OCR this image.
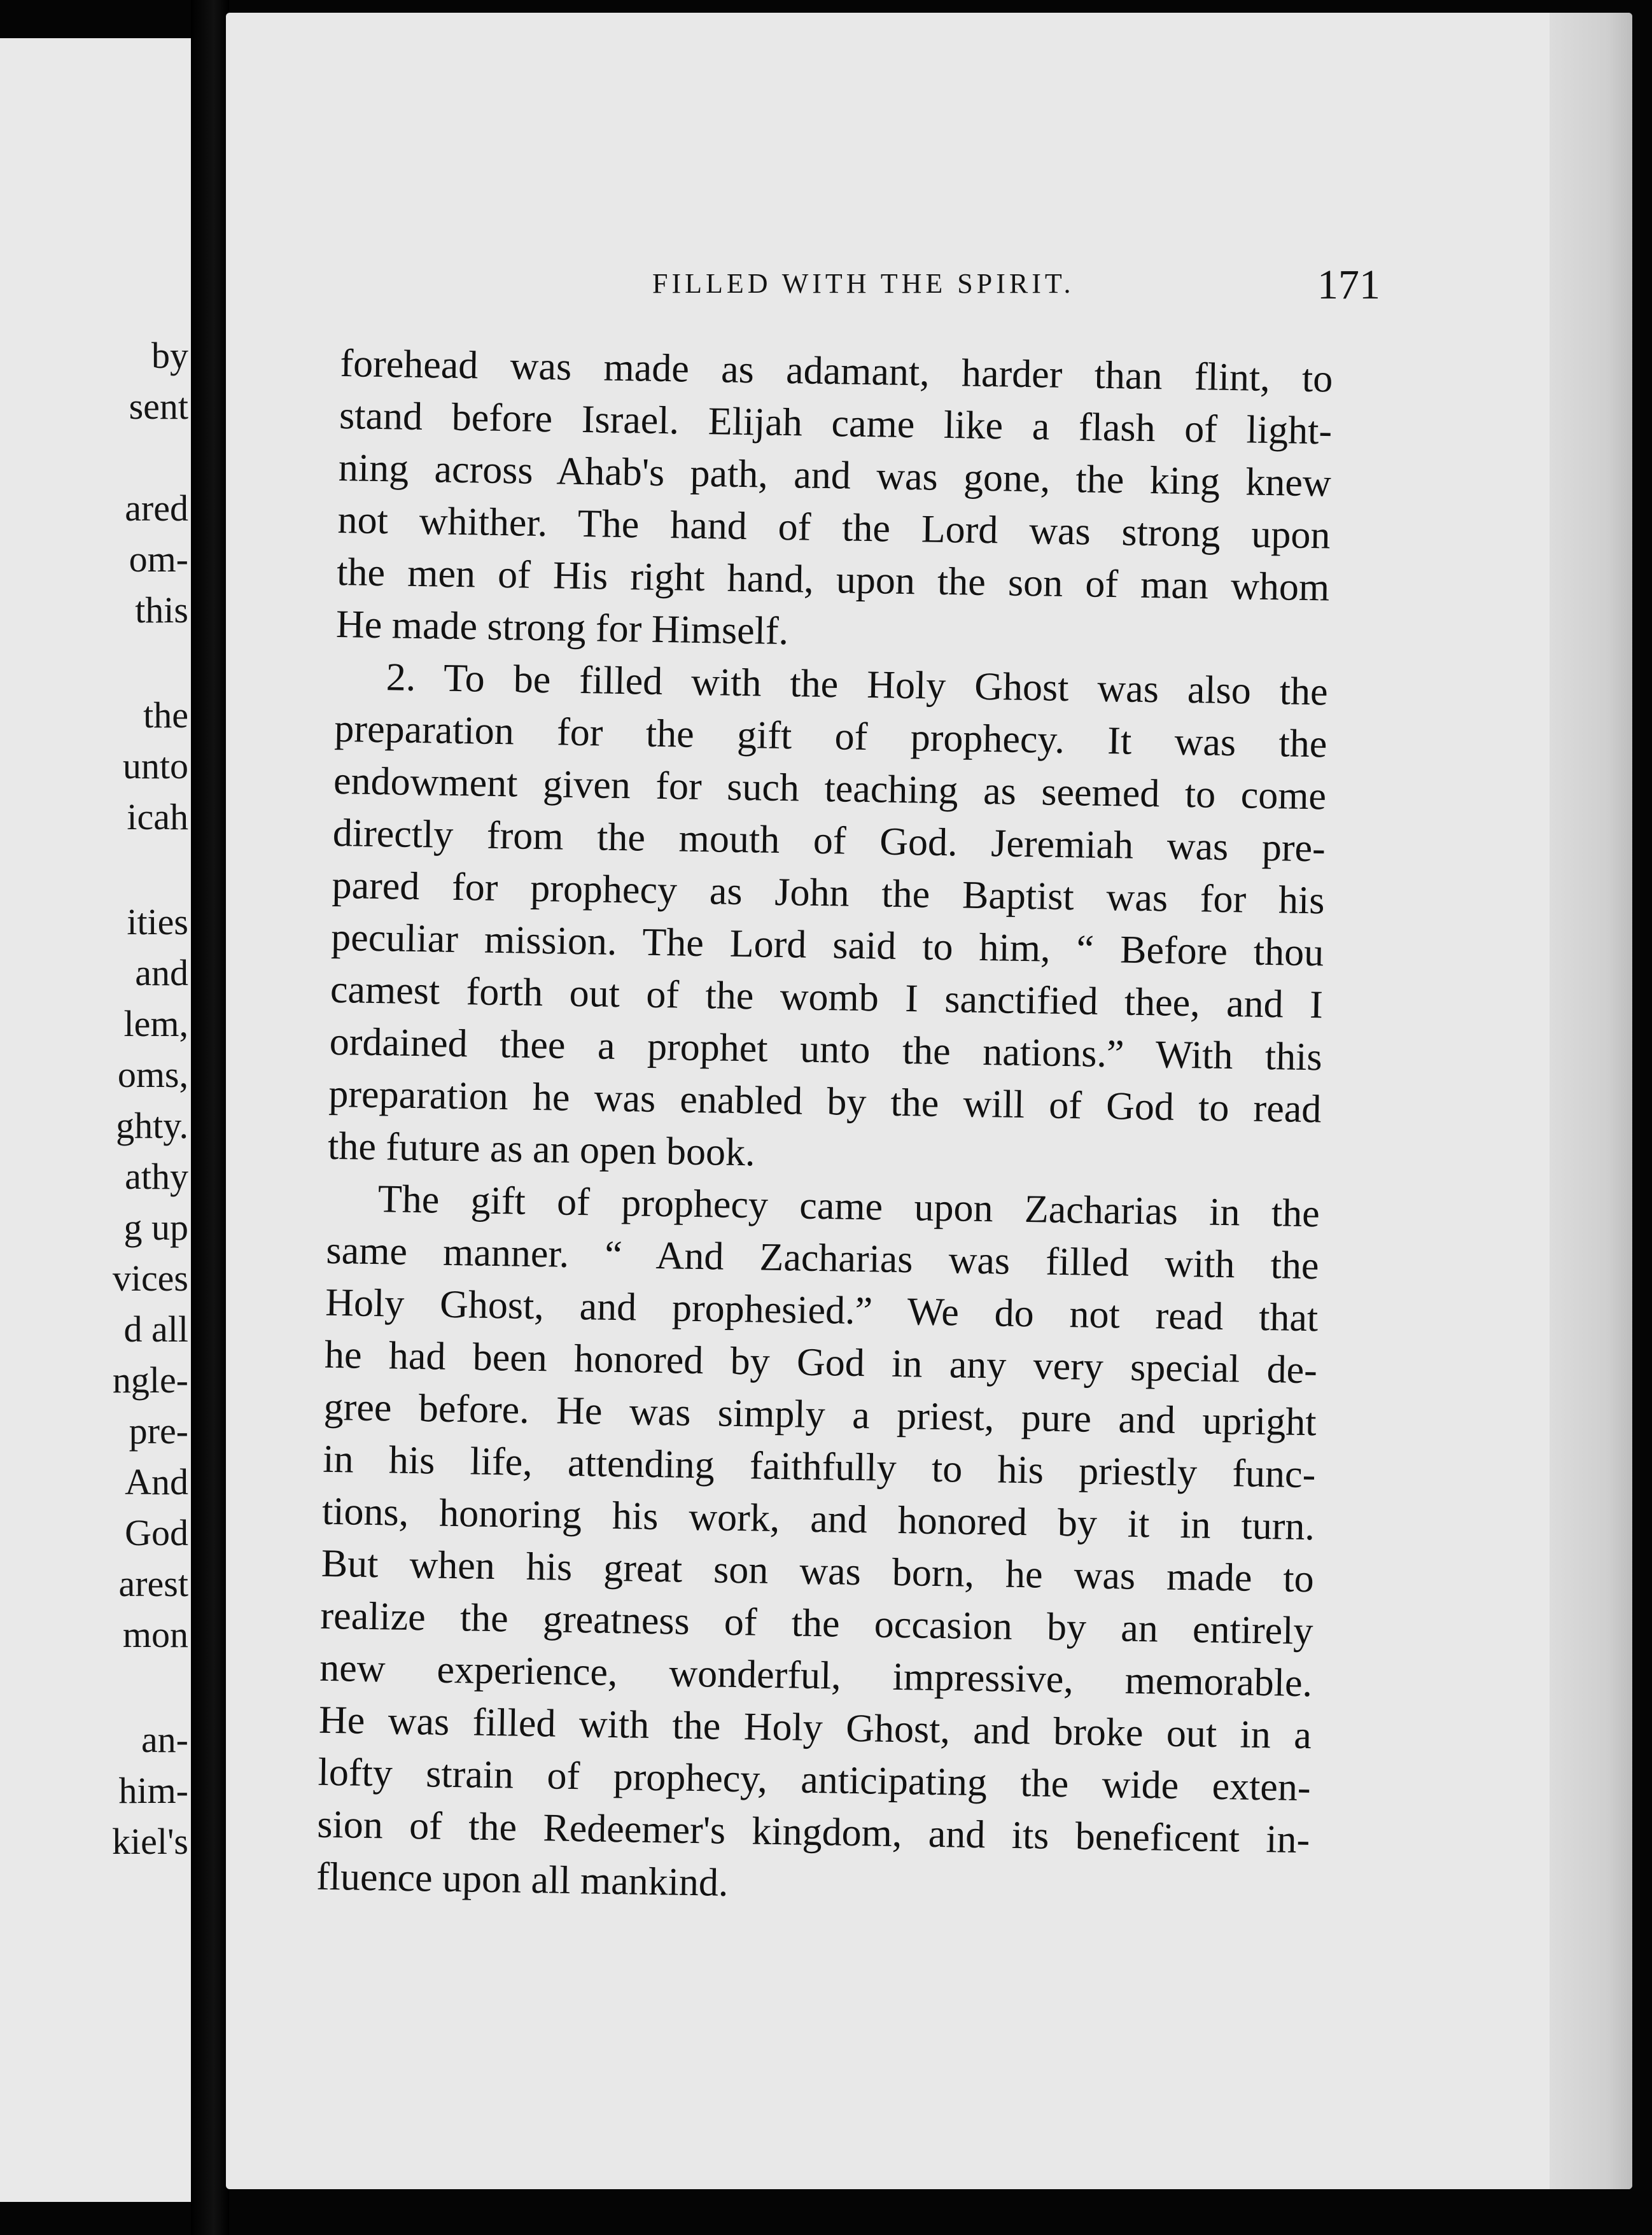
by
sent
ared
om-
this
the
unto
icah
ities
and
lem,
oms,
ghty.
athy
g up
vices
d all
ngle-
pre-
And
God
arest
mon
an-
him-
kiel's
FILLED WITH THE SPIRIT.	171
forehead was made as adamant, harder than flint, to
stand before Israel. Elijah came like a flash of light-
ning across Ahab's path, and was gone, the king knew
not whither. The hand of the Lord was strong upon
the men of His right hand, upon the son of man whom
He made strong for Himself.
2. To be filled with the Holy Ghost was also the
preparation for the gift of prophecy. It was the
endowment given for such teaching as seemed to come
directly from the mouth of God. Jeremiah was pre-
pared for prophecy as John the Baptist was for his
peculiar mission. The Lord said to him, “ Before thou
camest forth out of the womb I sanctified thee, and I
ordained thee a prophet unto the nations.” With this
preparation he was enabled by the will of God to read
the future as an open book.
The gift of prophecy came upon Zacharias in the
same manner. “ And Zacharias was filled with the
Holy Ghost, and prophesied.” We do not read that
he had been honored by God in any very special de-
gree before. He was simply a priest, pure and upright
in his life, attending faithfully to his priestly func-
tions, honoring his work, and honored by it in turn.
But when his great son was born, he was made to
realize the greatness of the occasion by an entirely
new experience, wonderful, impressive, memorable.
He was filled with the Holy Ghost, and broke out in a
lofty strain of prophecy, anticipating the wide exten-
sion of the Redeemer's kingdom, and its beneficent in-
fluence upon all mankind.
